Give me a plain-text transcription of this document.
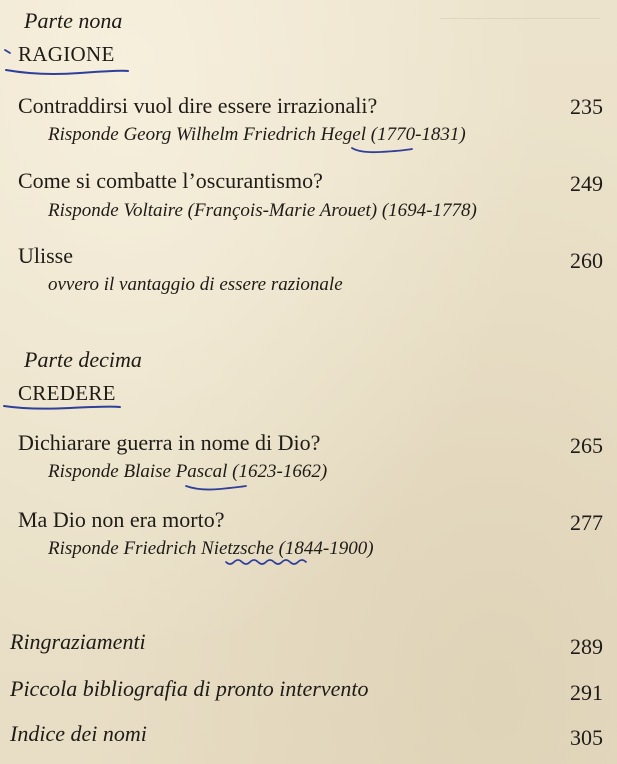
Parte nona
RAGIONE
Contraddirsi vuol dire essere irrazionali?	235
Risponde Georg Wilhelm Friedrich Hegel (1770-1831)
Come si combatte l’oscurantismo?	249
Risponde Voltaire (François-Marie Arouet) (1694-1778)
Ulisse	260
ovvero il vantaggio di essere razionale
Parte decima
CREDERE
Dichiarare guerra in nome di Dio?	265
Risponde Blaise Pascal (1623-1662)
Ma Dio non era morto?	277
Risponde Friedrich Nietzsche (1844-1900)
Ringraziamenti	289
Piccola bibliografia di pronto intervento	291
Indice dei nomi	305
